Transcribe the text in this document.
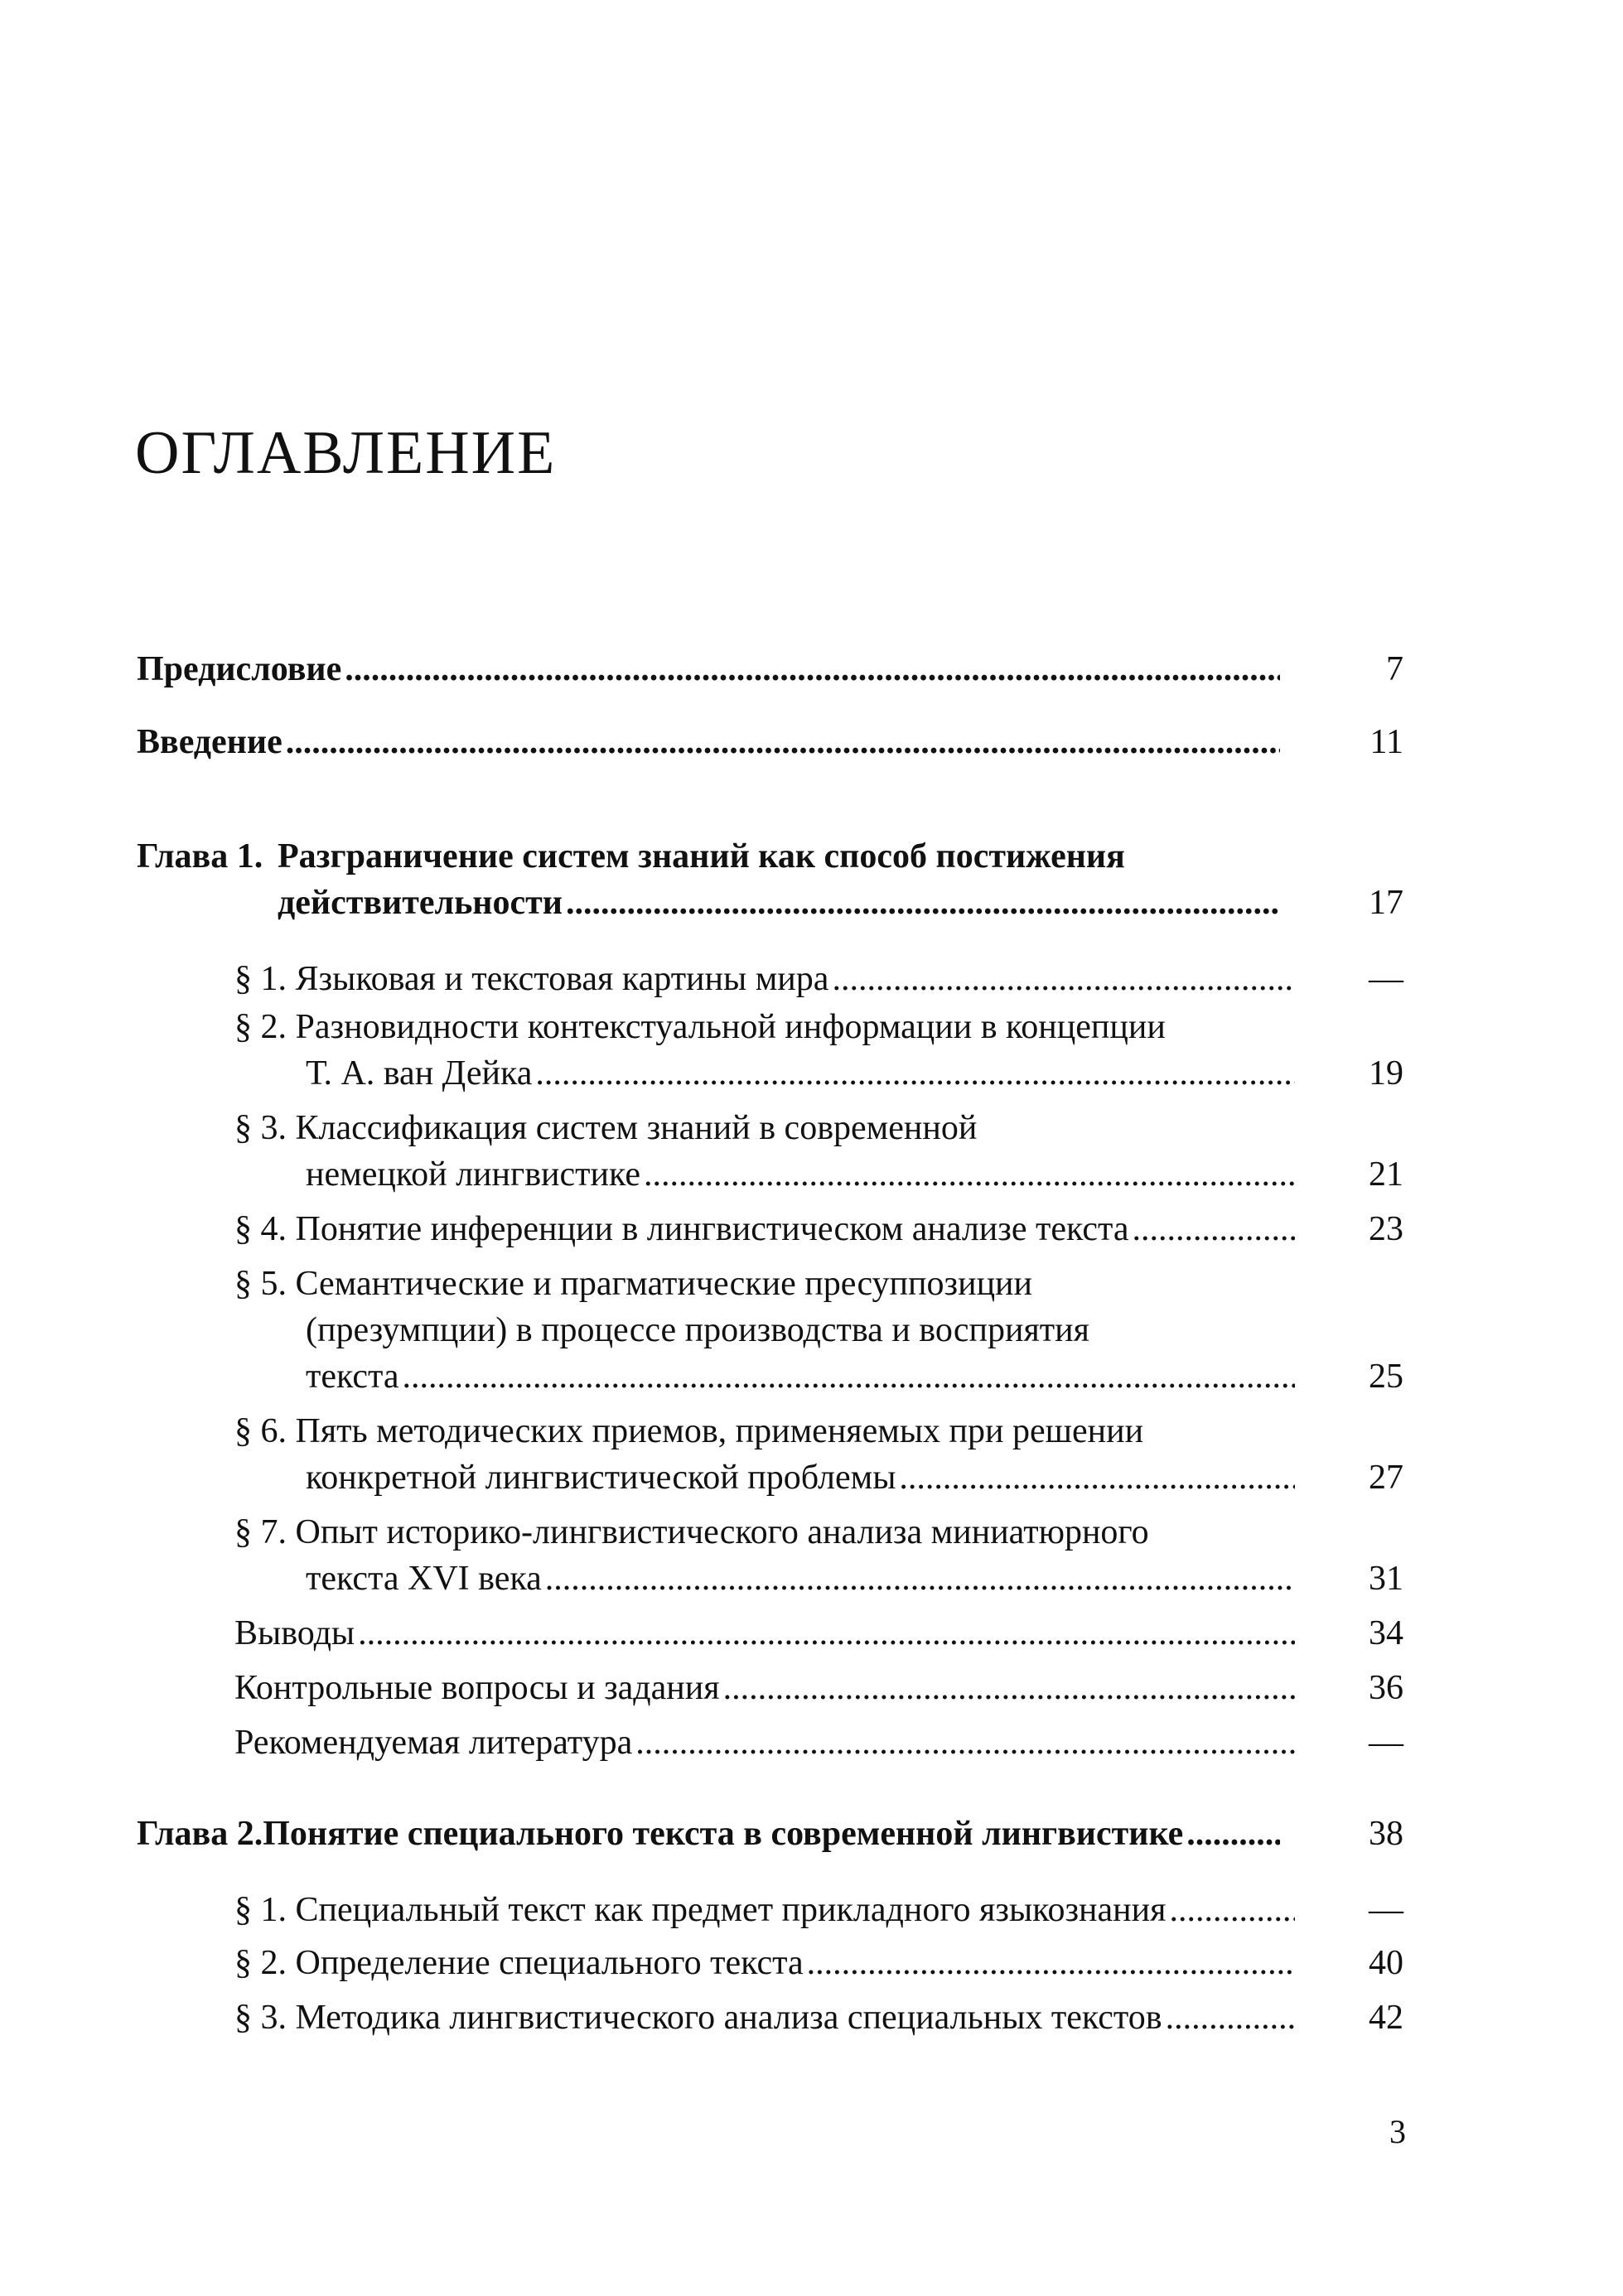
ОГЛАВЛЕНИЕ
Предисловие .....	7
Введение .....	11
Глава 1. Разграничение систем знаний как способ постижения
действительности .....	17
§ 1. Языковая и текстовая картины мира .....	—
§ 2. Разновидности контекстуальной информации в концепции
Т. А. ван Дейка .....	19
§ 3. Классификация систем знаний в современной
немецкой лингвистике .....	21
§ 4. Понятие инференции в лингвистическом анализе текста .....	23
§ 5. Семантические и прагматические пресуппозиции
(презумпции) в процессе производства и восприятия
текста .....	25
§ 6. Пять методических приемов, применяемых при решении
конкретной лингвистической проблемы .....	27
§ 7. Опыт историко-лингвистического анализа миниатюрного
текста XVI века .....	31
Выводы .....	34
Контрольные вопросы и задания .....	36
Рекомендуемая литература .....	—
Глава 2. Понятие специального текста в современной лингвистике .....	38
§ 1. Специальный текст как предмет прикладного языкознания .....	—
§ 2. Определение специального текста .....	40
§ 3. Методика лингвистического анализа специальных текстов .....	42
3
